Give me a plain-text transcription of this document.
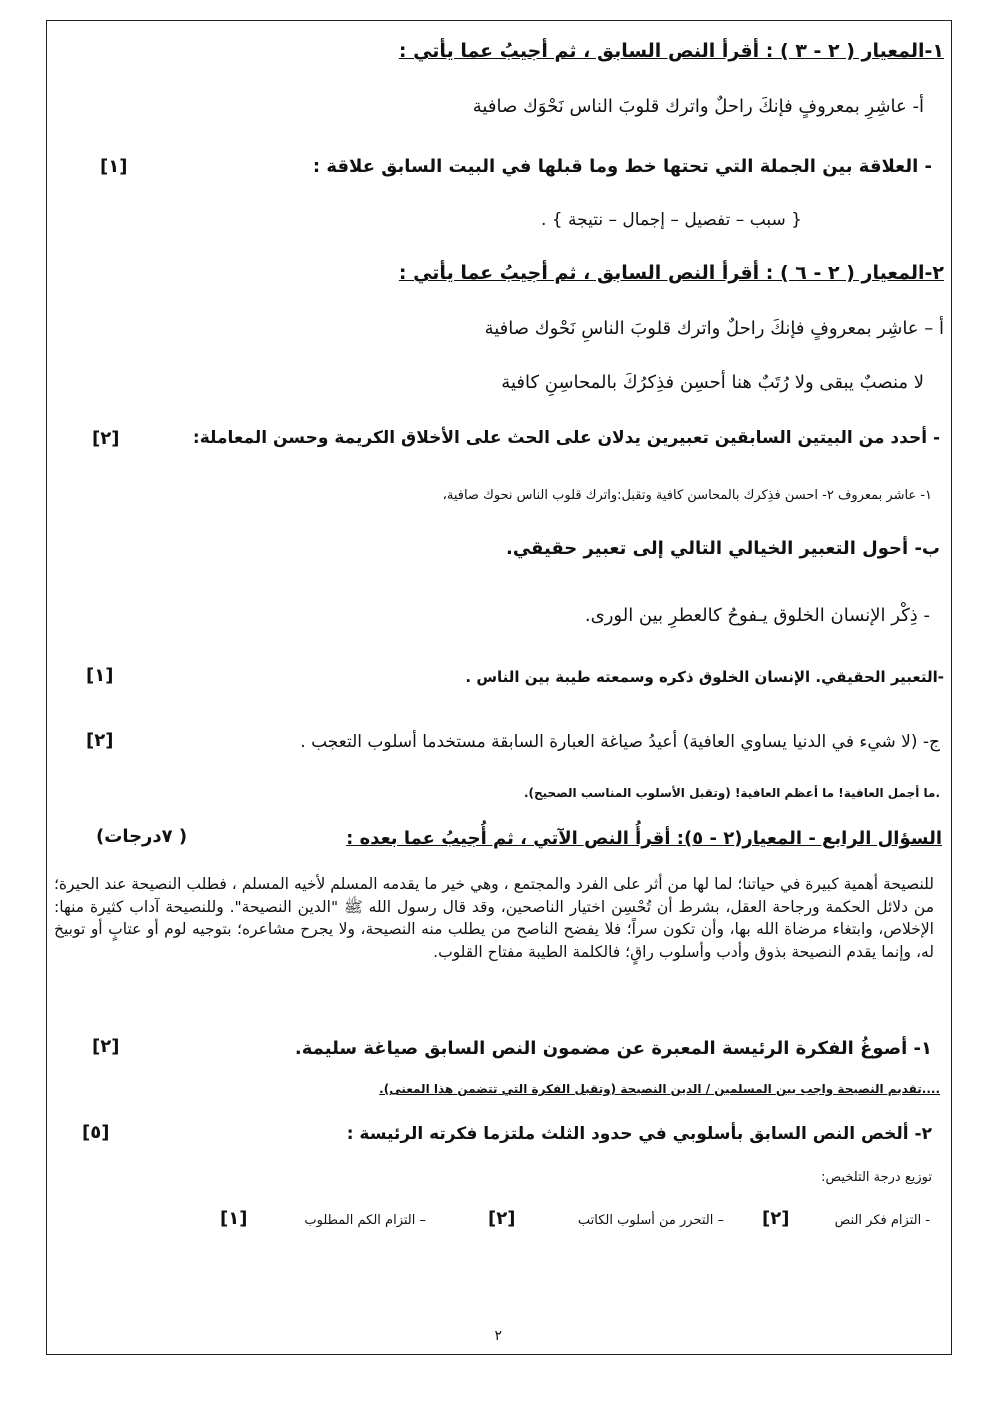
١-المعيار ( ٢ - ٣ ) : أقرأ النص السابق ، ثم أجيبُ عما يأتي :
أ- عاشِرِ بمعروفٍ فإنكَ راحلٌ واترك قلوبَ الناس نَحْوَك صافية
- العلاقة بين الجملة التي تحتها خط وما قبلها في البيت السابق علاقة :
[١]
{ سبب – تفصيل – إجمال – نتيجة } .
٢-المعيار ( ٢ - ٦ ) : أقرأ النص السابق ، ثم أجيبُ عما يأتي :
أ – عاشِر بمعروفٍ فإنكَ راحلٌ واترك قلوبَ الناسِ نَحْوك صافية
لا منصبٌ يبقى ولا رُتَبٌ هنا أحسِن فذِكرُكَ بالمحاسِنِ كافية
- أحدد من البيتين السابقين تعبيرين يدلان على الحث على الأخلاق الكريمة وحسن المعاملة:
[٢]
١- عاشر بمعروف ٢- احسن فذِكرك بالمحاسن كافية وتقبل:واترك قلوب الناس نحوك صافية،
ب- أحول التعبير الخيالي التالي إلى تعبير حقيقي.
- ذِكْر الإنسان الخلوق يـفوحُ كالعطرِ بين الورى.
-التعبير الحقيقي. الإنسان الخلوق ذكره وسمعته طيبة بين الناس .
[١]
ج- (لا شيء في الدنيا يساوي العافية) أعيدُ صياغة العبارة السابقة مستخدما أسلوب التعجب .
[٢]
.ما أجمل العافية! ما أعظم العافية! (وتقبل الأسلوب المناسب الصحيح).
السؤال الرابع - المعيار(٢ - ٥): أقرأُ النص الآتي ، ثم أُجيبُ عما بعده :
(٧درجات )
للنصيحة أهمية كبيرة في حياتنا؛ لما لها من أثر على الفرد والمجتمع ، وهي خير ما يقدمه المسلم لأخيه المسلم ، فطلب النصيحة عند الحيرة؛ من دلائل الحكمة ورجاحة العقل، بشرط أن تُحْسِن اختيار الناصحين، وقد قال رسول الله ﷺ "الدين النصيحة". وللنصيحة آداب كثيرة منها: الإخلاص، وابتغاء مرضاة الله بها، وأن تكون سراً؛ فلا يفضح الناصح من يطلب منه النصيحة، ولا يجرح مشاعره؛ بتوجيه لوم أو عتابٍ أو توبيخ له، وإنما يقدم النصيحة بذوق وأدب وأسلوب راقٍ؛ فالكلمة الطيبة مفتاح القلوب.
١- أصوغُ الفكرة الرئيسة المعبرة عن مضمون النص السابق صياغة سليمة.
[٢]
....تقديم النصيحة واجب بين المسلمين / الدين النصيحة (وتقبل الفكرة التي تتضمن هذا المعنى).
٢- ألخص النص السابق بأسلوبي في حدود الثلث ملتزما فكرته الرئيسة :
[٥]
توزيع درجة التلخيص:
- التزام فكر النص
[٢]
– التحرر من أسلوب الكاتب
[٢]
– التزام الكم المطلوب
[١]
٢
